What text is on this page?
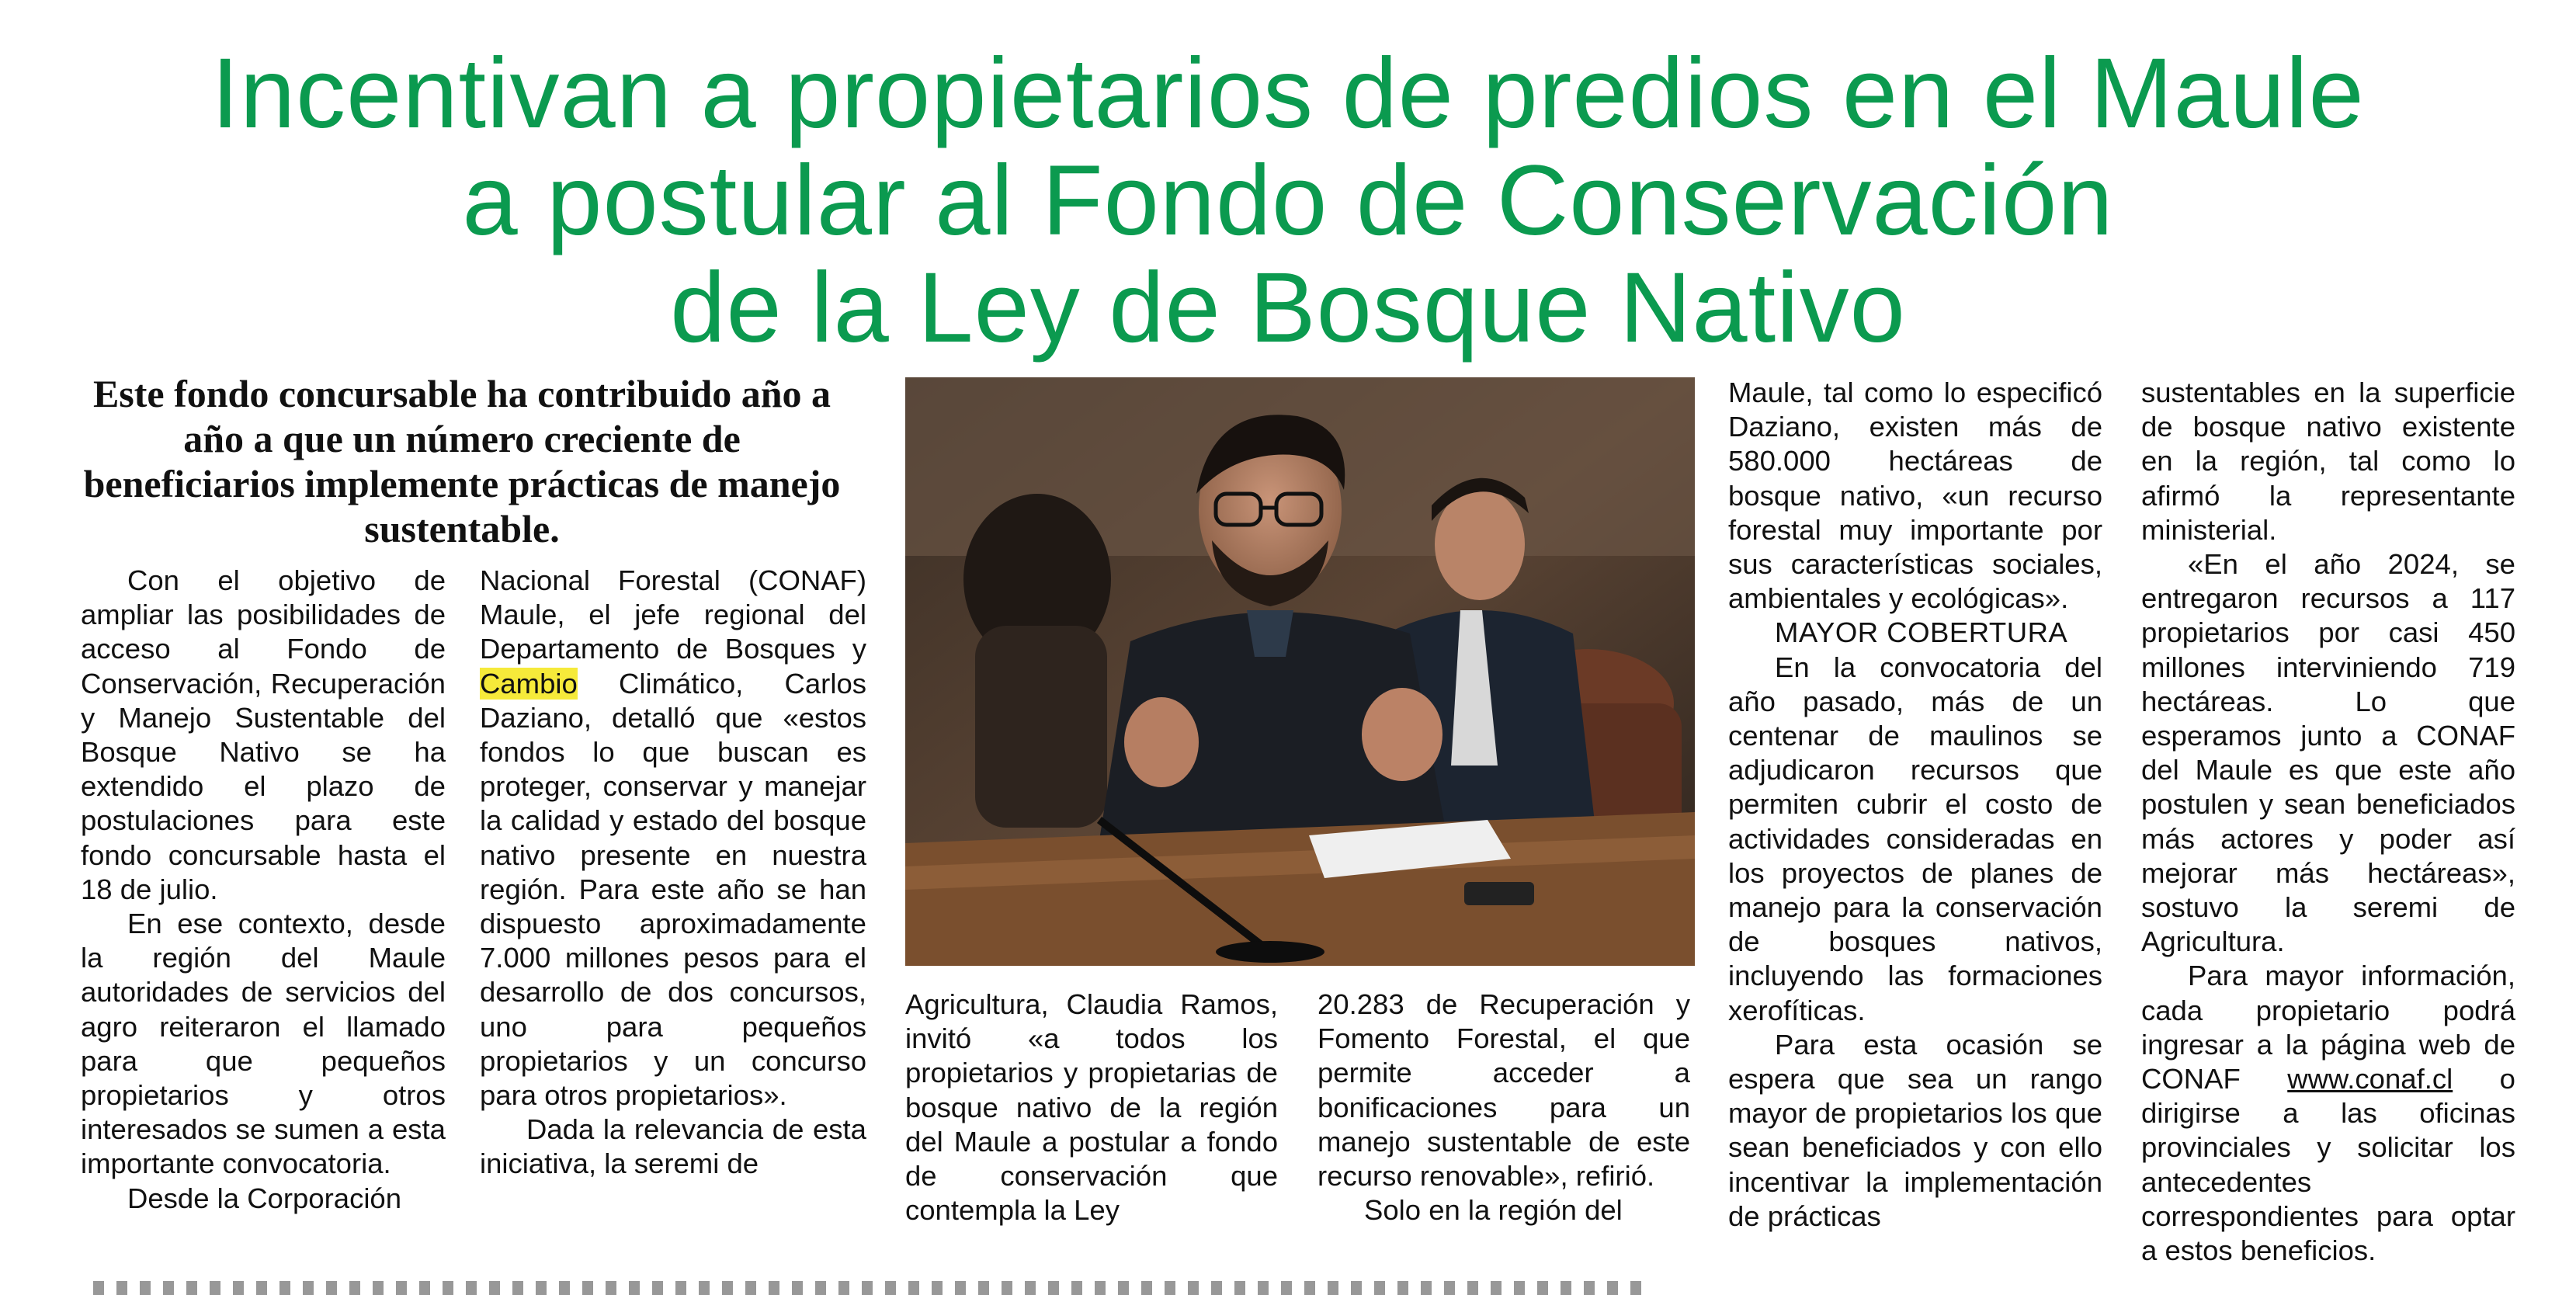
Incentivan a propietarios de predios en el Maule
a postular al Fondo de Conservación
de la Ley de Bosque Nativo
Este fondo concursable ha contribuido año a año a que un número creciente de beneficiarios implemente prácticas de manejo sustentable.

Con el objetivo de ampliar las posibilidades de acceso al Fondo de Conservación, Recuperación y Manejo Sustentable del Bosque Nativo se ha extendido el plazo de postulaciones para este fondo concursable hasta el 18 de julio.

En ese contexto, desde la región del Maule autoridades de servicios del agro reiteraron el llamado para que pequeños propietarios y otros interesados se sumen a esta importante convocatoria.

Desde la Corporación

Nacional Forestal (CONAF) Maule, el jefe regional del Departamento de Bosques y Cambio Climático, Carlos Daziano, detalló que «estos fondos lo que buscan es proteger, conservar y manejar la calidad y estado del bosque nativo presente en nuestra región. Para este año se han dispuesto aproximadamente 7.000 millones pesos para el desarrollo de dos concursos, uno para pequeños propietarios y un concurso para otros propietarios».

Dada la relevancia de esta iniciativa, la seremi de

Agricultura, Claudia Ramos, invitó «a todos los propietarios y propietarias de bosque nativo de la región del Maule a postular a fondo de conservación que contempla la Ley

20.283 de Recuperación y Fomento Forestal, el que permite acceder a bonificaciones para un manejo sustentable de este recurso renovable», refirió.

Solo en la región del

Maule, tal como lo especificó Daziano, existen más de 580.000 hectáreas de bosque nativo, «un recurso forestal muy importante por sus características sociales, ambientales y ecológicas».

MAYOR COBERTURA

En la convocatoria del año pasado, más de un centenar de maulinos se adjudicaron recursos que permiten cubrir el costo de actividades consideradas en los proyectos de planes de manejo para la conservación de bosques nativos, incluyendo las formaciones xerofíticas.

Para esta ocasión se espera que sea un rango mayor de propietarios los que sean beneficiados y con ello incentivar la implementación de prácticas

sustentables en la superficie de bosque nativo existente en la región, tal como lo afirmó la representante ministerial.

«En el año 2024, se entregaron recursos a 117 propietarios por casi 450 millones interviniendo 719 hectáreas. Lo que esperamos junto a CONAF del Maule es que este año postulen y sean beneficiados más actores y poder así mejorar más hectáreas», sostuvo la seremi de Agricultura.

Para mayor información, cada propietario podrá ingresar a la página web de CONAF www.conaf.cl o dirigirse a las oficinas provinciales y solicitar los antecedentes correspondientes para optar a estos beneficios.
